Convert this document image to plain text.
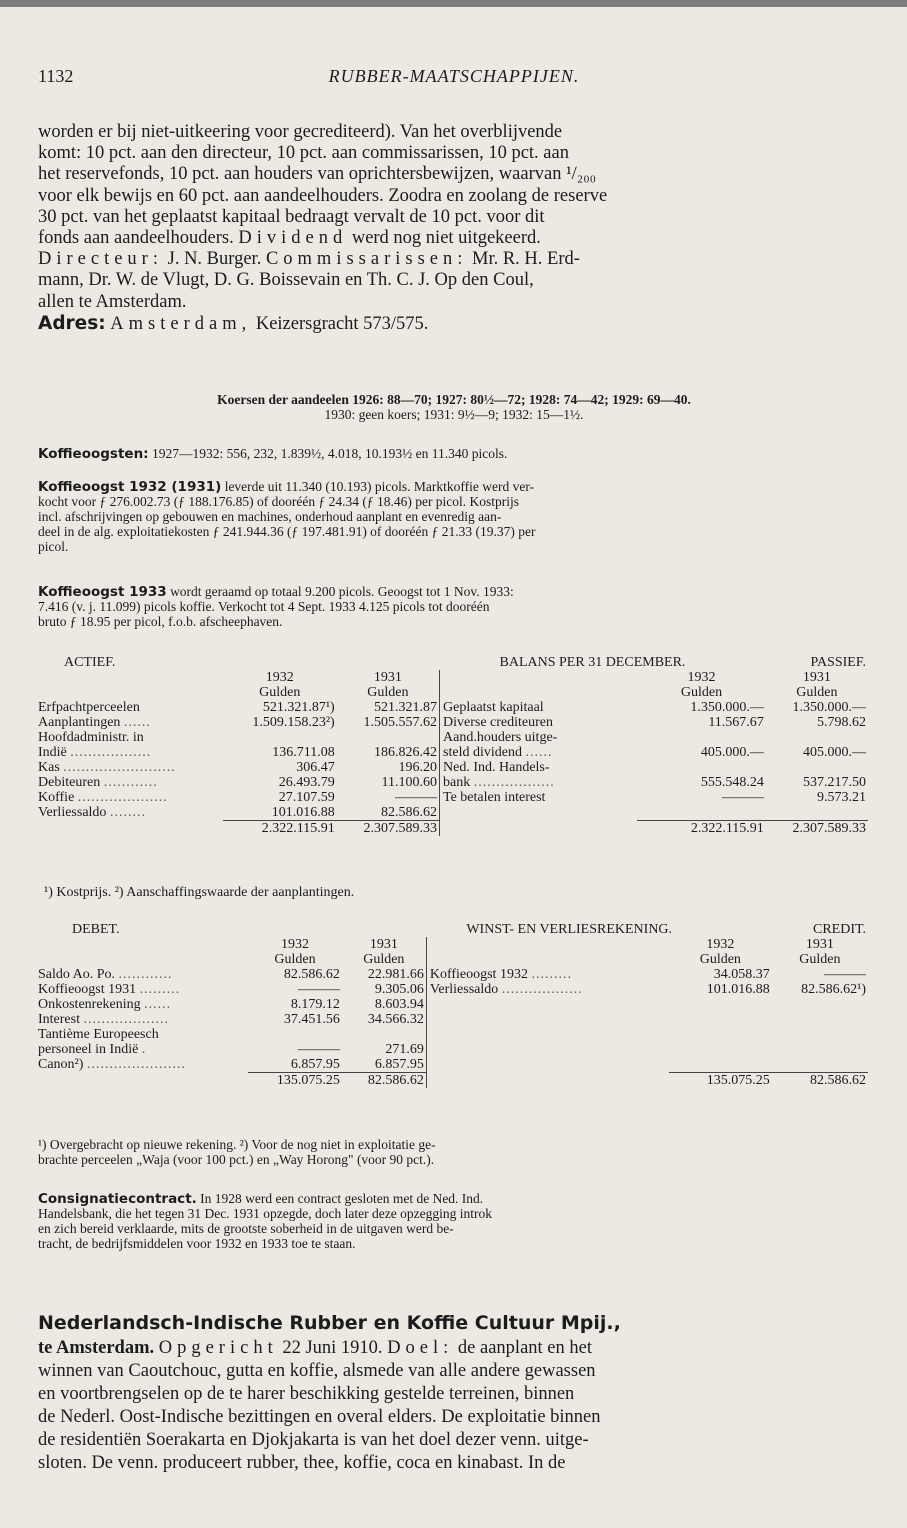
1132	RUBBER-MAATSCHAPPIJEN.
worden er bij niet-uitkeering voor gecrediteerd). Van het overblijvende
komt: 10 pct. aan den directeur, 10 pct. aan commissarissen, 10 pct. aan
het reservefonds, 10 pct. aan houders van oprichtersbewijzen, waarvan ¹/₂₀₀
voor elk bewijs en 60 pct. aan aandeelhouders. Zoodra en zoolang de reserve
30 pct. van het geplaatst kapitaal bedraagt vervalt de 10 pct. voor dit
fonds aan aandeelhouders. Dividend werd nog niet uitgekeerd.
Directeur: J. N. Burger. Commissarissen: Mr. R. H. Erd-
mann, Dr. W. de Vlugt, D. G. Boissevain en Th. C. J. Op den Coul,
allen te Amsterdam.
Adres: Amsterdam, Keizersgracht 573/575.
Koersen der aandeelen 1926: 88—70; 1927: 80½—72; 1928: 74—42; 1929: 69—40.
1930: geen koers; 1931: 9½—9; 1932: 15—1½.
Koffieoogsten: 1927—1932: 556, 232, 1.839½, 4.018, 10.193½ en 11.340 picols.
Koffieoogst 1932 (1931) leverde uit 11.340 (10.193) picols. Marktkoffie werd ver-
kocht voor ƒ 276.002.73 (ƒ 188.176.85) of dooréén ƒ 24.34 (ƒ 18.46) per picol. Kostprijs
incl. afschrijvingen op gebouwen en machines, onderhoud aanplant en evenredig aan-
deel in de alg. exploitatiekosten ƒ 241.944.36 (ƒ 197.481.91) of dooréén ƒ 21.33 (19.37) per
picol.
Koffieoogst 1933 wordt geraamd op totaal 9.200 picols. Geoogst tot 1 Nov. 1933:
7.416 (v. j. 11.099) picols koffie. Verkocht tot 4 Sept. 1933 4.125 picols tot dooréén
bruto ƒ 18.95 per picol, f.o.b. afscheephaven.
ACTIEF.			BALANS PER 31 DECEMBER.		PASSIEF.
	1932	1931			1932	1931
	Gulden	Gulden			Gulden	Gulden
Erfpachtperceelen	521.321.87¹)	521.321.87		Geplaatst kapitaal	1.350.000.—	1.350.000.—
Aanplantingen ......	1.509.158.23²)	1.505.557.62		Diverse crediteuren	11.567.67	5.798.62
Hoofdadministr. in				Aand.houders uitge-		
Indië ..................	136.711.08	186.826.42		steld dividend ......	405.000.—	405.000.—
Kas .........................	306.47	196.20		Ned. Ind. Handels-		
Debiteuren ............	26.493.79	11.100.60		bank ..................	555.548.24	537.217.50
Koffie ....................	27.107.59	———		Te betalen interest	———	9.573.21
Verliessaldo ........	101.016.88	82.586.62				
	2.322.115.91	2.307.589.33			2.322.115.91	2.307.589.33
¹) Kostprijs. ²) Aanschaffingswaarde der aanplantingen.
DEBET.			WINST- EN VERLIESREKENING.			CREDIT.
	1932	1931			1932	1931
	Gulden	Gulden			Gulden	Gulden
Saldo Ao. Po. ............	82.586.62	22.981.66		Koffieoogst 1932 .........	34.058.37	———
Koffieoogst 1931 .........	———	9.305.06		Verliessaldo ..................	101.016.88	82.586.62¹)
Onkostenrekening ......	8.179.12	8.603.94				
Interest ...................	37.451.56	34.566.32				
Tantième Europeesch						
personeel in Indië .	———	271.69				
Canon²) ......................	6.857.95	6.857.95				
	135.075.25	82.586.62			135.075.25	82.586.62
¹) Overgebracht op nieuwe rekening. ²) Voor de nog niet in exploitatie ge-
brachte perceelen „Waja (voor 100 pct.) en „Way Horong" (voor 90 pct.).
Consignatiecontract. In 1928 werd een contract gesloten met de Ned. Ind.
Handelsbank, die het tegen 31 Dec. 1931 opzegde, doch later deze opzegging introk
en zich bereid verklaarde, mits de grootste soberheid in de uitgaven werd be-
tracht, de bedrijfsmiddelen voor 1932 en 1933 toe te staan.
Nederlandsch-Indische Rubber en Koffie Cultuur Mpij.,
te Amsterdam. Opgericht 22 Juni 1910. Doel: de aanplant en het
winnen van Caoutchouc, gutta en koffie, alsmede van alle andere gewassen
en voortbrengselen op de te harer beschikking gestelde terreinen, binnen
de Nederl. Oost-Indische bezittingen en overal elders. De exploitatie binnen
de residentiën Soerakarta en Djokjakarta is van het doel dezer venn. uitge-
sloten. De venn. produceert rubber, thee, koffie, coca en kinabast. In de
